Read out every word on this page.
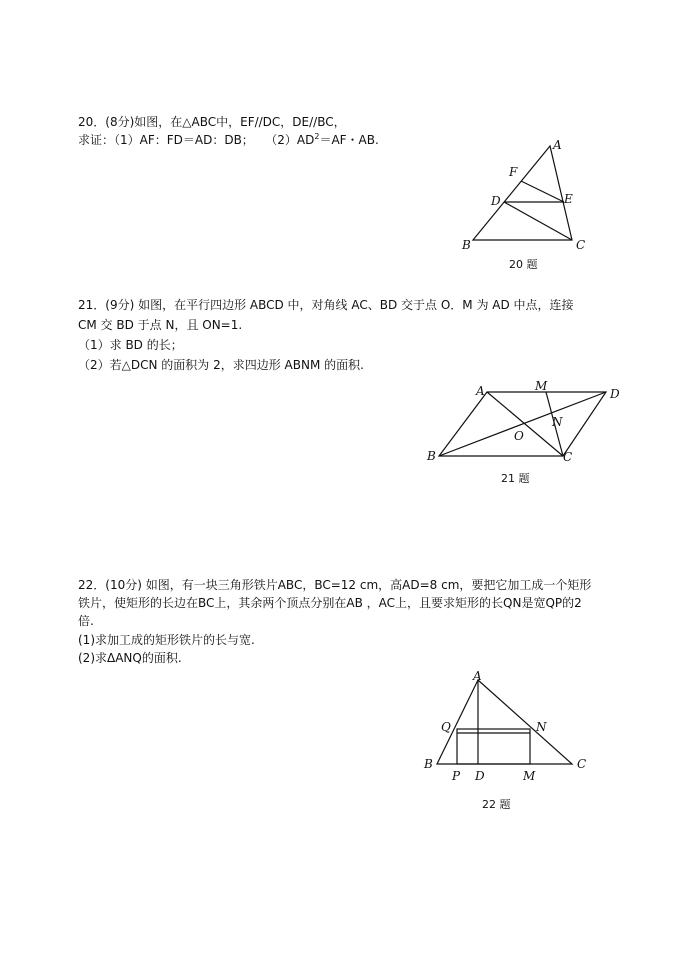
20．(8分)如图，在△ABC中，EF//DC，DE//BC，
求证：（1）AF：FD＝AD：DB；   $(2)AD^2=AF$・AB.	A
F
D	E
B	C
20 题
21．(9分) 如图，在平行四边形 ABCD 中，对角线 AC、BD 交于点 O．M 为 AD 中点，连接
CM 交 BD 于点 N，且 ON=1.
（1）求 BD 的长；
（2）若△DCN 的面积为 2，求四边形 ABNM 的面积.
A	M
D
O
N
B	C
21 题
22．(10分) 如图，有一块三角形铁片ABC，BC=12 cm，高AD=8 cm，要把它加工成一个矩形
铁片，使矩形的长边在BC上，其余两个顶点分别在AB ，AC上，且要求矩形的长QN是宽QP的2
倍.
(1)求加工成的矩形铁片的长与宽.
(2)求ΔANQ的面积.
A
Q	N
B
P D	M
C
22 题
